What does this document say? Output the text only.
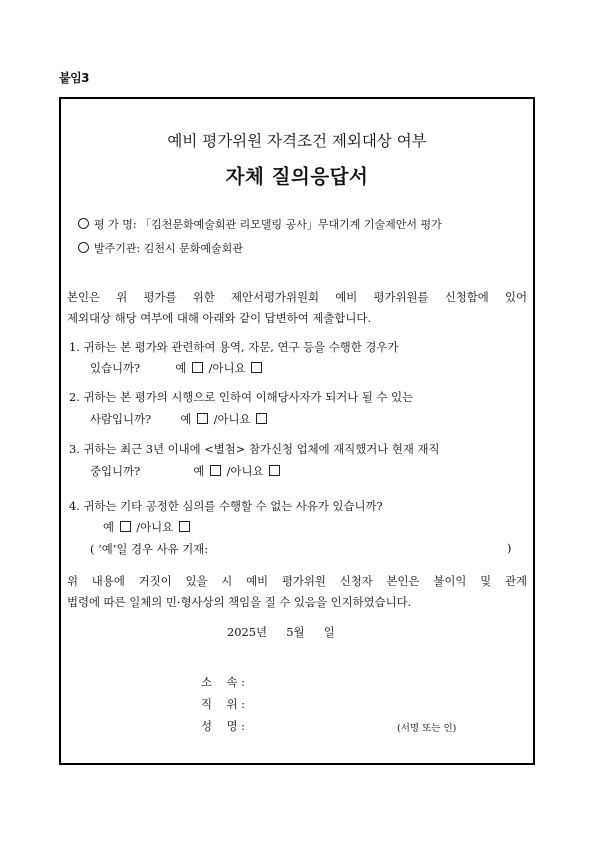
붙임3
예비 평가위원 자격조건 제외대상 여부
자체 질의응답서
평 가 명: 「김천문화예술회관 리모델링 공사」무대기계 기술제안서 평가
발주기관: 김천시 문화예술회관
본인은 위 평가를 위한 제안서평가위원회 예비 평가위원를 신청함에 있어
제외대상 해당 여부에 대해 아래와 같이 답변하여 제출합니다.
1. 귀하는 본 평가와 관련하여 용역, 자문, 연구 등을 수행한 경우가
있습니까?	예 /아니요
2. 귀하는 본 평가의 시행으로 인하여 이해당사자가 되거나 될 수 있는
사람입니까?	예 /아니요
3. 귀하는 최근 3년 이내에 <별첨> 참가신청 업체에 재직했거나 현재 재직
중입니까?	예 /아니요
4. 귀하는 기타 공정한 심의를 수행할 수 없는 사유가 있습니까?
예 /아니요
( ‘예’일 경우 사유 기재:	)
위 내용에 거짓이 있을 시 예비 평가위원 신청자 본인은 불이익 및 관계
법령에 따른 일체의 민·형사상의 책임을 질 수 있음을 인지하였습니다.
2025년 5월 일
소    속 :
직    위 :
성    명 :	(서명 또는 인)
